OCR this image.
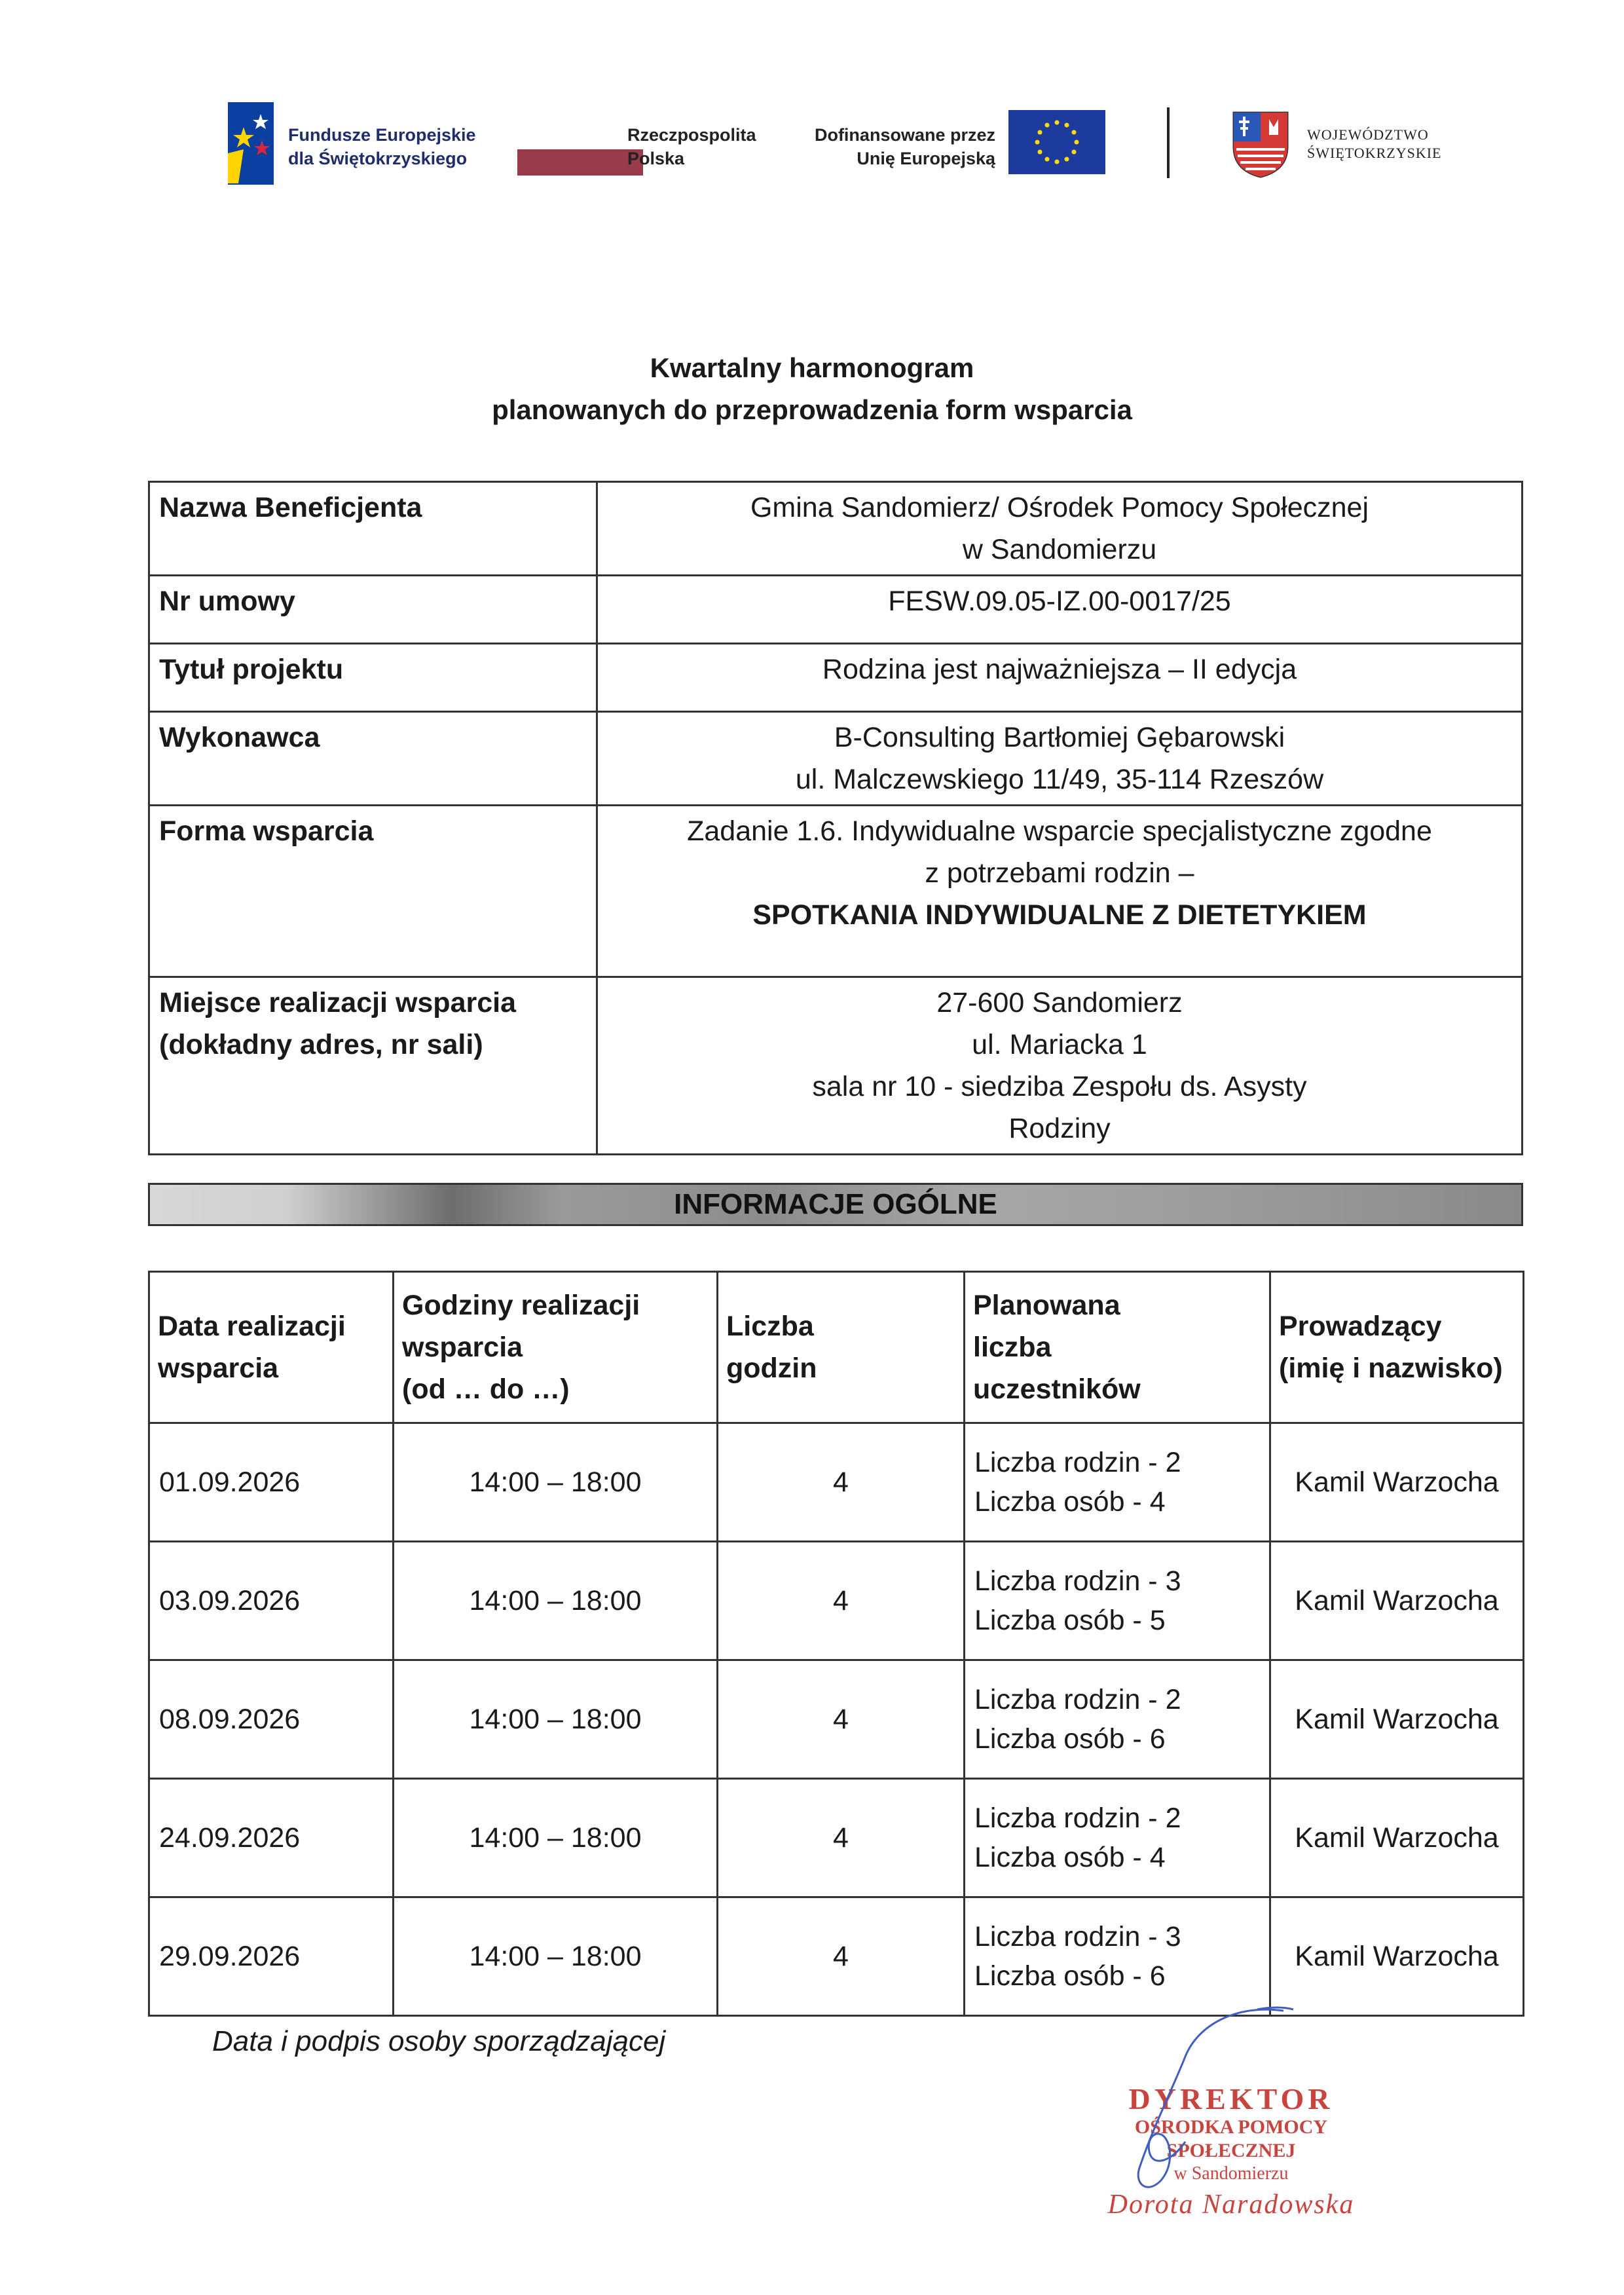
Fundusze Europejskie
dla Świętokrzyskiego
Rzeczpospolita
Polska
Dofinansowane przez
Unię Europejską
WOJEWÓDZTWO
ŚWIĘTOKRZYSKIE
Kwartalny harmonogram
planowanych do przeprowadzenia form wsparcia
Nazwa Beneficjenta	Gmina Sandomierz/ Ośrodek Pomocy Społecznej
w Sandomierzu

Nr umowy	FESW.09.05-IZ.00-0017/25
Tytuł projektu	Rodzina jest najważniejsza – II edycja
Wykonawca	B-Consulting Bartłomiej Gębarowski
ul. Malczewskiego 11/49, 35-114 Rzeszów

Forma wsparcia	Zadanie 1.6. Indywidualne wsparcie specjalistyczne zgodne
z potrzebami rodzin –
SPOTKANIA INDYWIDUALNE Z DIETETYKIEM

Miejsce realizacji wsparcia
(dokładny adres, nr sali)	27-600 Sandomierz
ul. Mariacka 1
sala nr 10 - siedziba Zespołu ds. Asysty
Rodziny
INFORMACJE OGÓLNE
Data realizacji
wsparcia	Godziny realizacji
wsparcia
(od … do …)	Liczba
godzin	Planowana
liczba
uczestników	Prowadzący
(imię i nazwisko)

01.09.2026	14:00 – 18:00	4	Liczba rodzin - 2
Liczba osób - 4	Kamil Warzocha
03.09.2026	14:00 – 18:00	4	Liczba rodzin - 3
Liczba osób - 5	Kamil Warzocha
08.09.2026	14:00 – 18:00	4	Liczba rodzin - 2
Liczba osób - 6	Kamil Warzocha
24.09.2026	14:00 – 18:00	4	Liczba rodzin - 2
Liczba osób - 4	Kamil Warzocha
29.09.2026	14:00 – 18:00	4	Liczba rodzin - 3
Liczba osób - 6	Kamil Warzocha
Data i podpis osoby sporządzającej
DYREKTOR
OŚRODKA POMOCY SPOŁECZNEJ
w Sandomierzu
Dorota Naradowska
